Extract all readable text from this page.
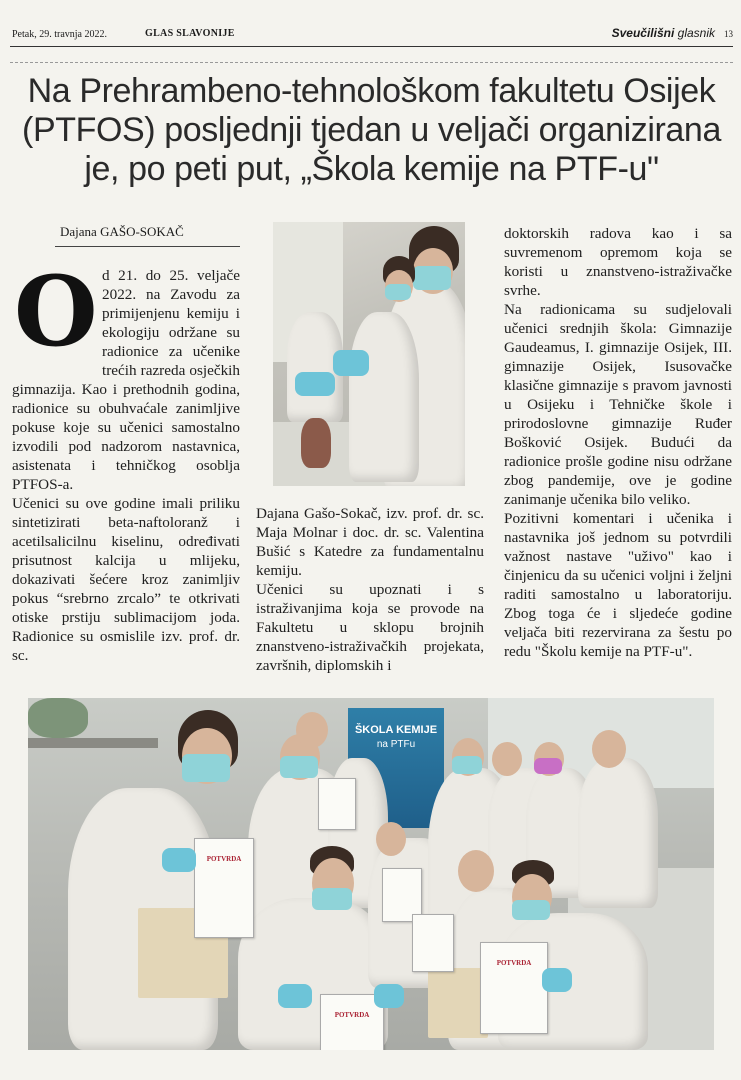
Petak, 29. travnja 2022.	GLAS SLAVONIJE	Sveučilišni glasnik 13
Na Prehrambeno-tehnološkom fakultetu Osijek
(PTFOS) posljednji tjedan u veljači organizirana
je, po peti put, „Škola kemije na PTF-u"
Dajana GAŠO-SOKAČ
O d 21. do 25. veljače 2022. na Zavodu za primijenjenu kemiju i ekologiju održane su radionice za učenike trećih razreda osječkih gimnazija. Kao i prethodnih godina, radionice su obuhvaćale zanimljive pokuse koje su učenici samostalno izvodili pod nadzorom nastavnica, asistenata i tehničkog osoblja PTFOS-a.

Učenici su ove godine imali priliku sintetizirati beta-naftoloranž i acetilsalicilnu kiselinu, određivati prisutnost kalcija u mlijeku, dokazivati šećere kroz zanimljiv pokus “srebrno zrcalo” te otkrivati otiske prstiju sublimacijom joda. Radionice su osmislile izv. prof. dr. sc.

Dajana Gašo-Sokač, izv. prof. dr. sc. Maja Molnar i doc. dr. sc. Valentina Bušić s Katedre za fundamentalnu kemiju.

Učenici su upoznati i s istraživanjima koja se provode na Fakultetu u sklopu brojnih znanstveno-istraživačkih projekata, završnih, diplomskih i

doktorskih radova kao i sa suvremenom opremom koja se koristi u znanstveno-istraživačke svrhe.

Na radionicama su sudjelovali učenici srednjih škola: Gimnazije Gaudeamus, I. gimnazije Osijek, III. gimnazije Osijek, Isusovačke klasične gimnazije s pravom javnosti u Osijeku i Tehničke škole i prirodoslovne gimnazije Ruđer Bošković Osijek. Budući da radionice prošle godine nisu održane zbog pandemije, ove je godine zanimanje učenika bilo veliko.

Pozitivni komentari i učenika i nastavnika još jednom su potvrdili važnost nastave "uživo" kao i činjenicu da su učenici voljni i željni raditi samostalno u laboratoriju. Zbog toga će i sljedeće godine veljača biti rezervirana za šestu po redu "Školu kemije na PTF-u".

ŠKOLA KEMIJE
na PTFu
POTVRDA
POTVRDA
POTVRDA
